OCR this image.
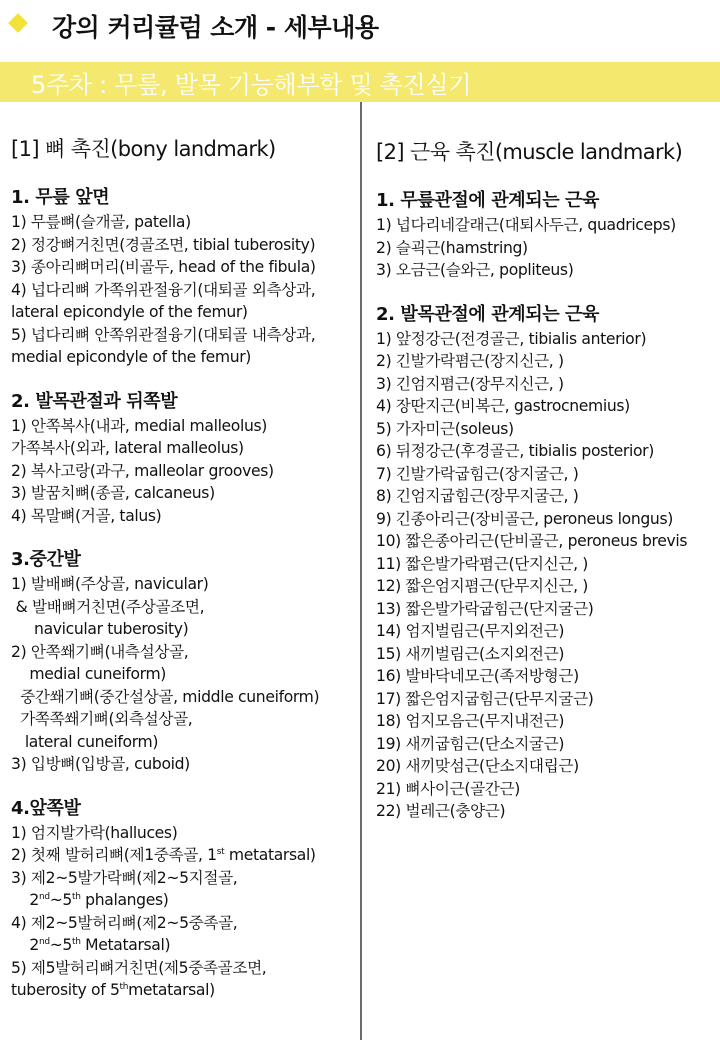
강의 커리큘럼 소개 - 세부내용
5주차 : 무릎, 발목 기능해부학 및 촉진실기
[1] 뼈 촉진(bony landmark)
1. 무릎 앞면
1) 무릎뼈(슬개골, patella)
2) 정강뼈거친면(경골조면, tibial tuberosity)
3) 종아리뼈머리(비골두, head of the fibula)
4) 넙다리뼈 가쪽위관절융기(대퇴골 외측상과,
lateral epicondyle of the femur)
5) 넙다리뼈 안쪽위관절융기(대퇴골 내측상과,
medial epicondyle of the femur)
2. 발목관절과 뒤쪽발
1) 안쪽복사(내과, medial malleolus)
가쪽복사(외과, lateral malleolus)
2) 복사고랑(과구, malleolar grooves)
3) 발꿈치뼈(종골, calcaneus)
4) 목말뼈(거골, talus)
3.중간발
1) 발배뼈(주상골, navicular)
& 발배뼈거친면(주상골조면,
navicular tuberosity)
2) 안쪽쐐기뼈(내측설상골,
medial cuneiform)
중간쐐기뼈(중간설상골, middle cuneiform)
가쪽쪽쐐기뼈(외측설상골,
lateral cuneiform)
3) 입방뼈(입방골, cuboid)
4.앞쪽발
1) 엄지발가락(halluces)
2) 첫째 발허리뼈(제1중족골, 1st metatarsal)
3) 제2~5발가락뼈(제2~5지절골,
2nd~5th phalanges)
4) 제2~5발허리뼈(제2~5중족골,
2nd~5th Metatarsal)
5) 제5발허리뼈거친면(제5중족골조면,
tuberosity of 5thmetatarsal)
[2] 근육 촉진(muscle landmark)
1. 무릎관절에 관계되는 근육
1) 넙다리네갈래근(대퇴사두근, quadriceps)
2) 슬괵근(hamstring)
3) 오금근(슬와근, popliteus)
2. 발목관절에 관계되는 근육
1) 앞정강근(전경골근, tibialis anterior)
2) 긴발가락폄근(장지신근, )
3) 긴엄지폄근(장무지신근, )
4) 장딴지근(비복근, gastrocnemius)
5) 가자미근(soleus)
6) 뒤정강근(후경골근, tibialis posterior)
7) 긴발가락굽힘근(장지굴근, )
8) 긴엄지굽힘근(장무지굴근, )
9) 긴종아리근(장비골근, peroneus longus)
10) 짧은종아리근(단비골근, peroneus brevis
11) 짧은발가락폄근(단지신근, )
12) 짧은엄지폄근(단무지신근, )
13) 짧은발가락굽힘근(단지굴근)
14) 엄지벌림근(무지외전근)
15) 새끼벌림근(소지외전근)
16) 발바닥네모근(족저방형근)
17) 짧은엄지굽힘근(단무지굴근)
18) 엄지모음근(무지내전근)
19) 새끼굽힘근(단소지굴근)
20) 새끼맞섬근(단소지대립근)
21) 뼈사이근(골간근)
22) 벌레근(충양근)
